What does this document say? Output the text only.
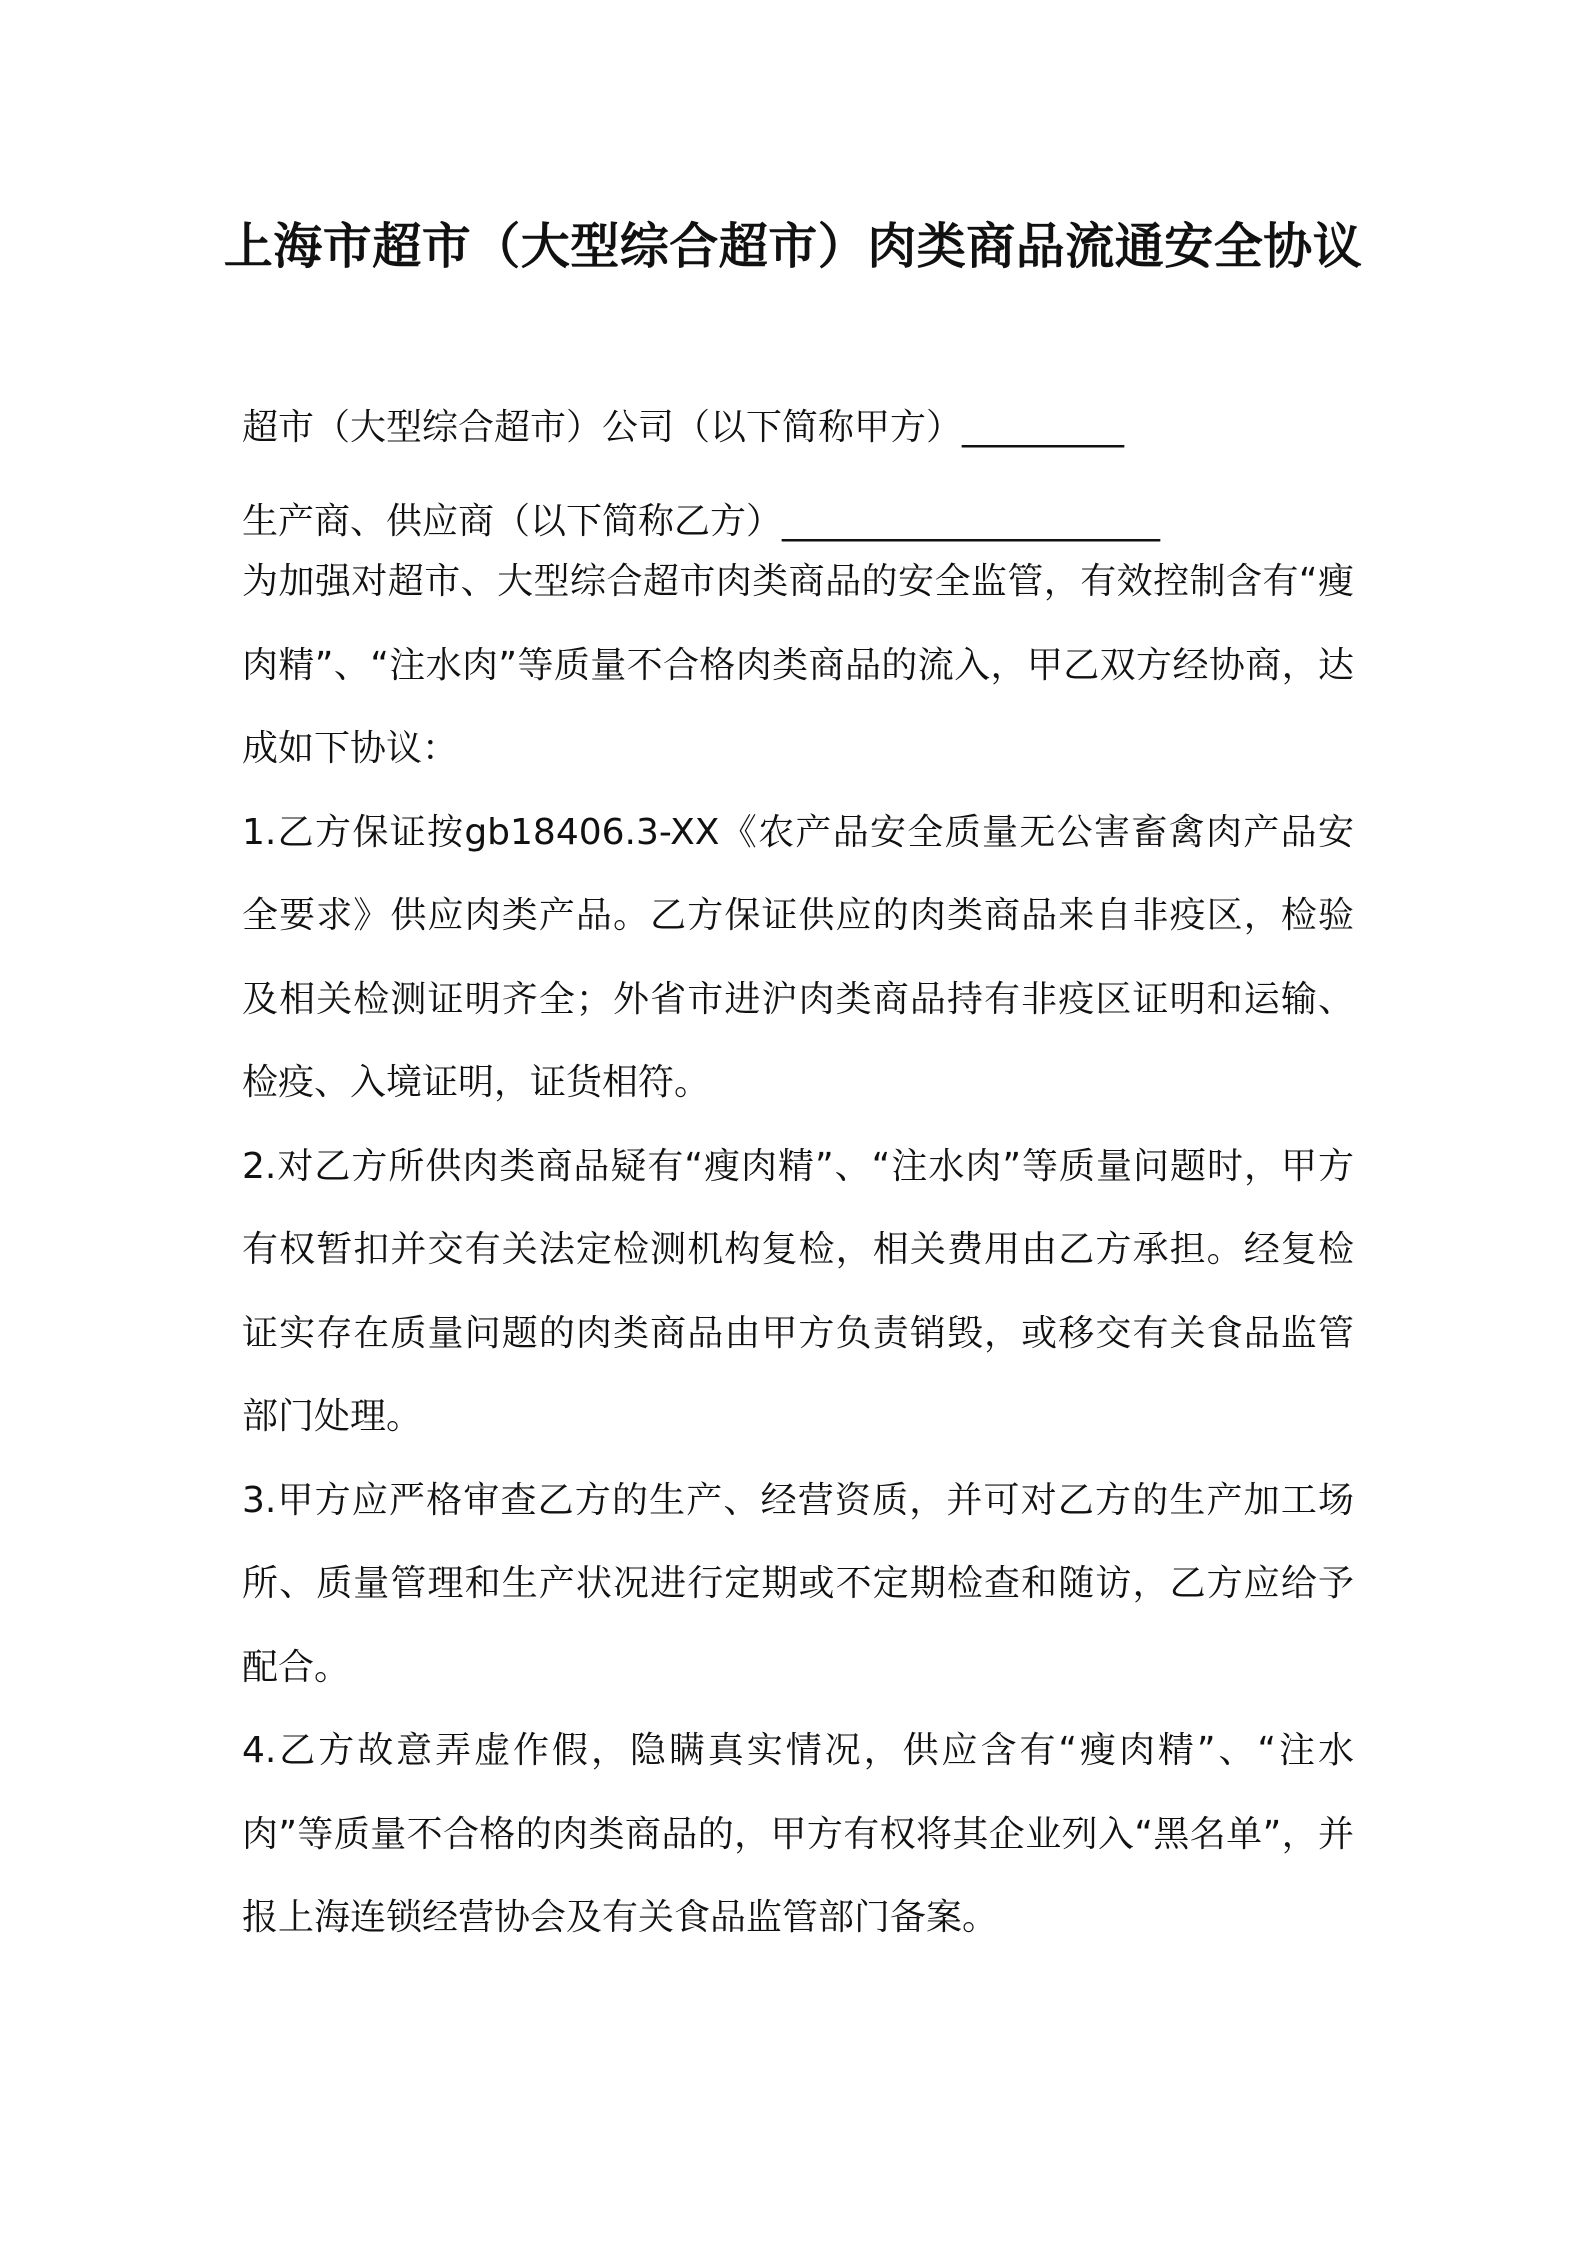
上海市超市（大型综合超市）肉类商品流通安全协议

超市（大型综合超市）公司（以下简称甲方）_________

生产商、供应商（以下简称乙方）_____________________

为加强对超市、大型综合超市肉类商品的安全监管，有效控制含有“瘦肉精”、“注水肉”等质量不合格肉类商品的流入，甲乙双方经协商，达成如下协议：

1.乙方保证按gb18406.3-XX《农产品安全质量无公害畜禽肉产品安全要求》供应肉类产品。乙方保证供应的肉类商品来自非疫区，检验及相关检测证明齐全；外省市进沪肉类商品持有非疫区证明和运输、检疫、入境证明，证货相符。

2.对乙方所供肉类商品疑有“瘦肉精”、“注水肉”等质量问题时，甲方有权暂扣并交有关法定检测机构复检，相关费用由乙方承担。经复检证实存在质量问题的肉类商品由甲方负责销毁，或移交有关食品监管部门处理。

3.甲方应严格审查乙方的生产、经营资质，并可对乙方的生产加工场所、质量管理和生产状况进行定期或不定期检查和随访，乙方应给予配合。

4.乙方故意弄虚作假，隐瞒真实情况，供应含有“瘦肉精”、“注水肉”等质量不合格的肉类商品的，甲方有权将其企业列入“黑名单”，并报上海连锁经营协会及有关食品监管部门备案。
